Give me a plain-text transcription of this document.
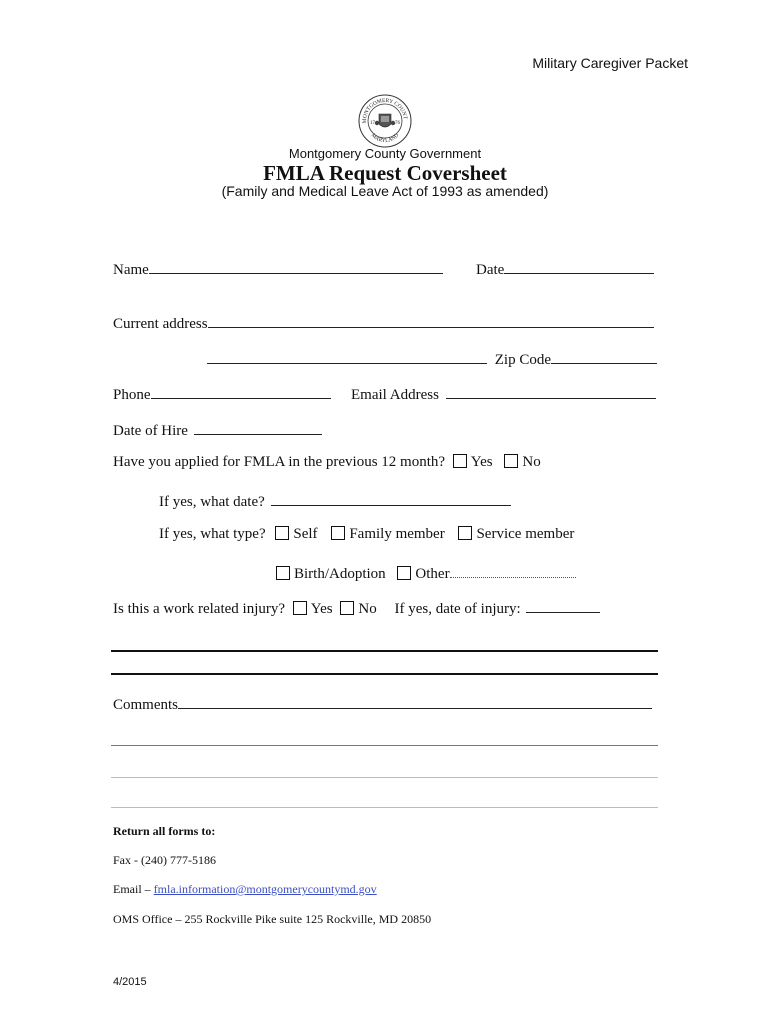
Military Caregiver Packet
MONTGOMERY COUNT
MARYLAND
17	76
Montgomery County Government
FMLA Request Coversheet
(Family and Medical Leave Act of 1993 as amended)
Name	Date
Current address
Zip Code
Phone	Email Address
Date of Hire
Have you applied for FMLA in the previous 12 month? Yes No
If yes, what date?
If yes, what type? Self Family member Service member
Birth/Adoption Other
Is this a work related injury? Yes No If yes, date of injury:
Comments
Return all forms to:
Fax - (240) 777-5186
Email – fmla.information@montgomerycountymd.gov
OMS Office – 255 Rockville Pike suite 125 Rockville, MD 20850
4/2015
